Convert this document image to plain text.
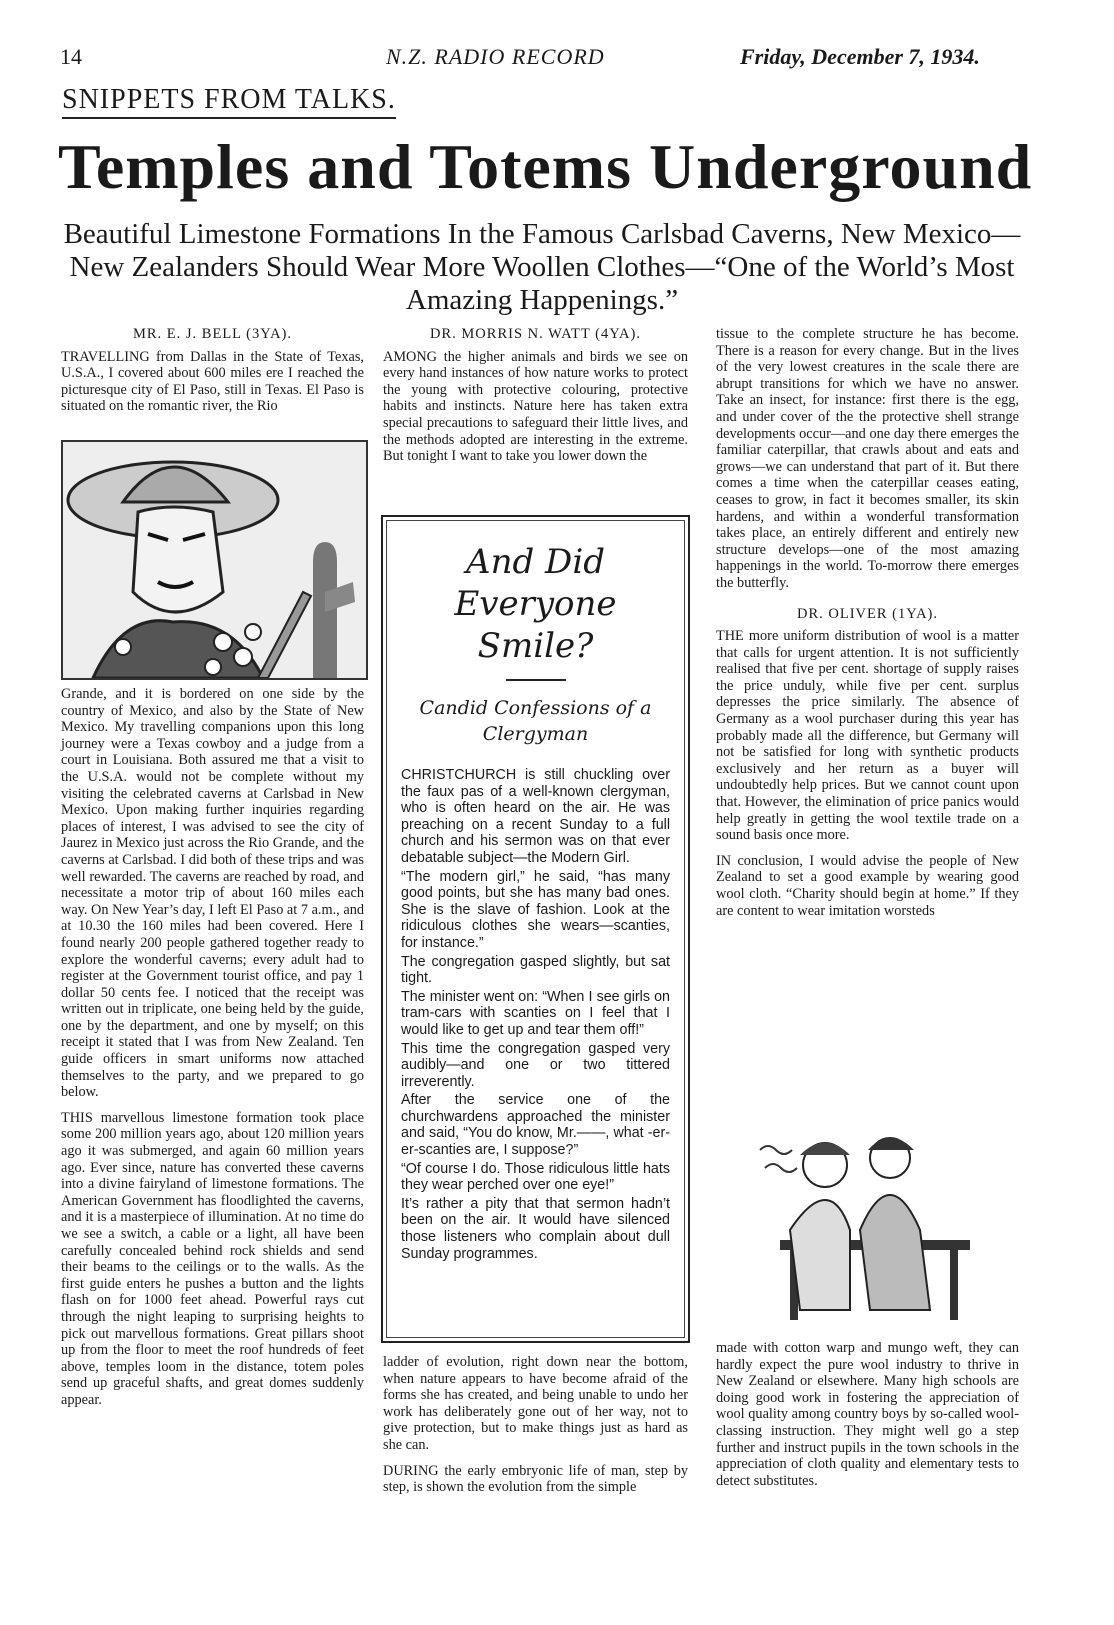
14	N.Z. RADIO RECORD	Friday, December 7, 1934.
SNIPPETS FROM TALKS.
Temples and Totems Underground
Beautiful Limestone Formations In the Famous Carlsbad Caverns, New Mexico—New Zealanders Should Wear More Woollen Clothes—“One of the World’s Most Amazing Happenings.”
MR. E. J. BELL (3YA).

TRAVELLING from Dallas in the State of Texas, U.S.A., I covered about 600 miles ere I reached the picturesque city of El Paso, still in Texas. El Paso is situated on the romantic river, the Rio

Grande, and it is bordered on one side by the country of Mexico, and also by the State of New Mexico. My travelling companions upon this long journey were a Texas cowboy and a judge from a court in Louisiana. Both assured me that a visit to the U.S.A. would not be complete without my visiting the celebrated caverns at Carlsbad in New Mexico. Upon making further inquiries regarding places of interest, I was advised to see the city of Jaurez in Mexico just across the Rio Grande, and the caverns at Carlsbad. I did both of these trips and was well rewarded. The caverns are reached by road, and necessitate a motor trip of about 160 miles each way. On New Year’s day, I left El Paso at 7 a.m., and at 10.30 the 160 miles had been covered. Here I found nearly 200 people gathered together ready to explore the wonderful caverns; every adult had to register at the Government tourist office, and pay 1 dollar 50 cents fee. I noticed that the receipt was written out in triplicate, one being held by the guide, one by the department, and one by myself; on this receipt it stated that I was from New Zealand. Ten guide officers in smart uniforms now attached themselves to the party, and we prepared to go below.

THIS marvellous limestone formation took place some 200 million years ago, about 120 million years ago it was submerged, and again 60 million years ago. Ever since, nature has converted these caverns into a divine fairyland of limestone formations. The American Government has floodlighted the caverns, and it is a masterpiece of illumination. At no time do we see a switch, a cable or a light, all have been carefully concealed behind rock shields and send their beams to the ceilings or to the walls. As the first guide enters he pushes a button and the lights flash on for 1000 feet ahead. Powerful rays cut through the night leaping to surprising heights to pick out marvellous formations. Great pillars shoot up from the floor to meet the roof hundreds of feet above, temples loom in the distance, totem poles send up graceful shafts, and great domes suddenly appear.

DR. MORRIS N. WATT (4YA).

AMONG the higher animals and birds we see on every hand instances of how nature works to protect the young with protective colouring, protective habits and instincts. Nature here has taken extra special precautions to safeguard their little lives, and the methods adopted are interesting in the extreme. But tonight I want to take you lower down the

And Did Everyone Smile?
Candid Confessions of a Clergyman

CHRISTCHURCH is still chuckling over the faux pas of a well-known clergyman, who is often heard on the air. He was preaching on a recent Sunday to a full church and his sermon was on that ever debatable subject—the Modern Girl.

“The modern girl,” he said, “has many good points, but she has many bad ones. She is the slave of fashion. Look at the ridiculous clothes she wears—scanties, for instance.”

The congregation gasped slightly, but sat tight.

The minister went on: “When I see girls on tram-cars with scanties on I feel that I would like to get up and tear them off!”

This time the congregation gasped very audibly—and one or two tittered irreverently.

After the service one of the churchwardens approached the minister and said, “You do know, Mr.——, what -er-er-scanties are, I suppose?”

“Of course I do. Those ridiculous little hats they wear perched over one eye!”

It’s rather a pity that that sermon hadn’t been on the air. It would have silenced those listeners who complain about dull Sunday programmes.

ladder of evolution, right down near the bottom, when nature appears to have become afraid of the forms she has created, and being unable to undo her work has deliberately gone out of her way, not to give protection, but to make things just as hard as she can.

DURING the early embryonic life of man, step by step, is shown the evolution from the simple

tissue to the complete structure he has become. There is a reason for every change. But in the lives of the very lowest creatures in the scale there are abrupt transitions for which we have no answer. Take an insect, for instance: first there is the egg, and under cover of the the protective shell strange developments occur—and one day there emerges the familiar caterpillar, that crawls about and eats and grows—we can understand that part of it. But there comes a time when the caterpillar ceases eating, ceases to grow, in fact it becomes smaller, its skin hardens, and within a wonderful transformation takes place, an entirely different and entirely new structure develops—one of the most amazing happenings in the world. To-morrow there emerges the butterfly.

DR. OLIVER (1YA).

THE more uniform distribution of wool is a matter that calls for urgent attention. It is not sufficiently realised that five per cent. shortage of supply raises the price unduly, while five per cent. surplus depresses the price similarly. The absence of Germany as a wool purchaser during this year has probably made all the difference, but Germany will not be satisfied for long with synthetic products exclusively and her return as a buyer will undoubtedly help prices. But we cannot count upon that. However, the elimination of price panics would help greatly in getting the wool textile trade on a sound basis once more.

IN conclusion, I would advise the people of New Zealand to set a good example by wearing good wool cloth. “Charity should begin at home.” If they are content to wear imitation worsteds

made with cotton warp and mungo weft, they can hardly expect the pure wool industry to thrive in New Zealand or elsewhere. Many high schools are doing good work in fostering the appreciation of wool quality among country boys by so-called wool-classing instruction. They might well go a step further and instruct pupils in the town schools in the appreciation of cloth quality and elementary tests to detect substitutes.
